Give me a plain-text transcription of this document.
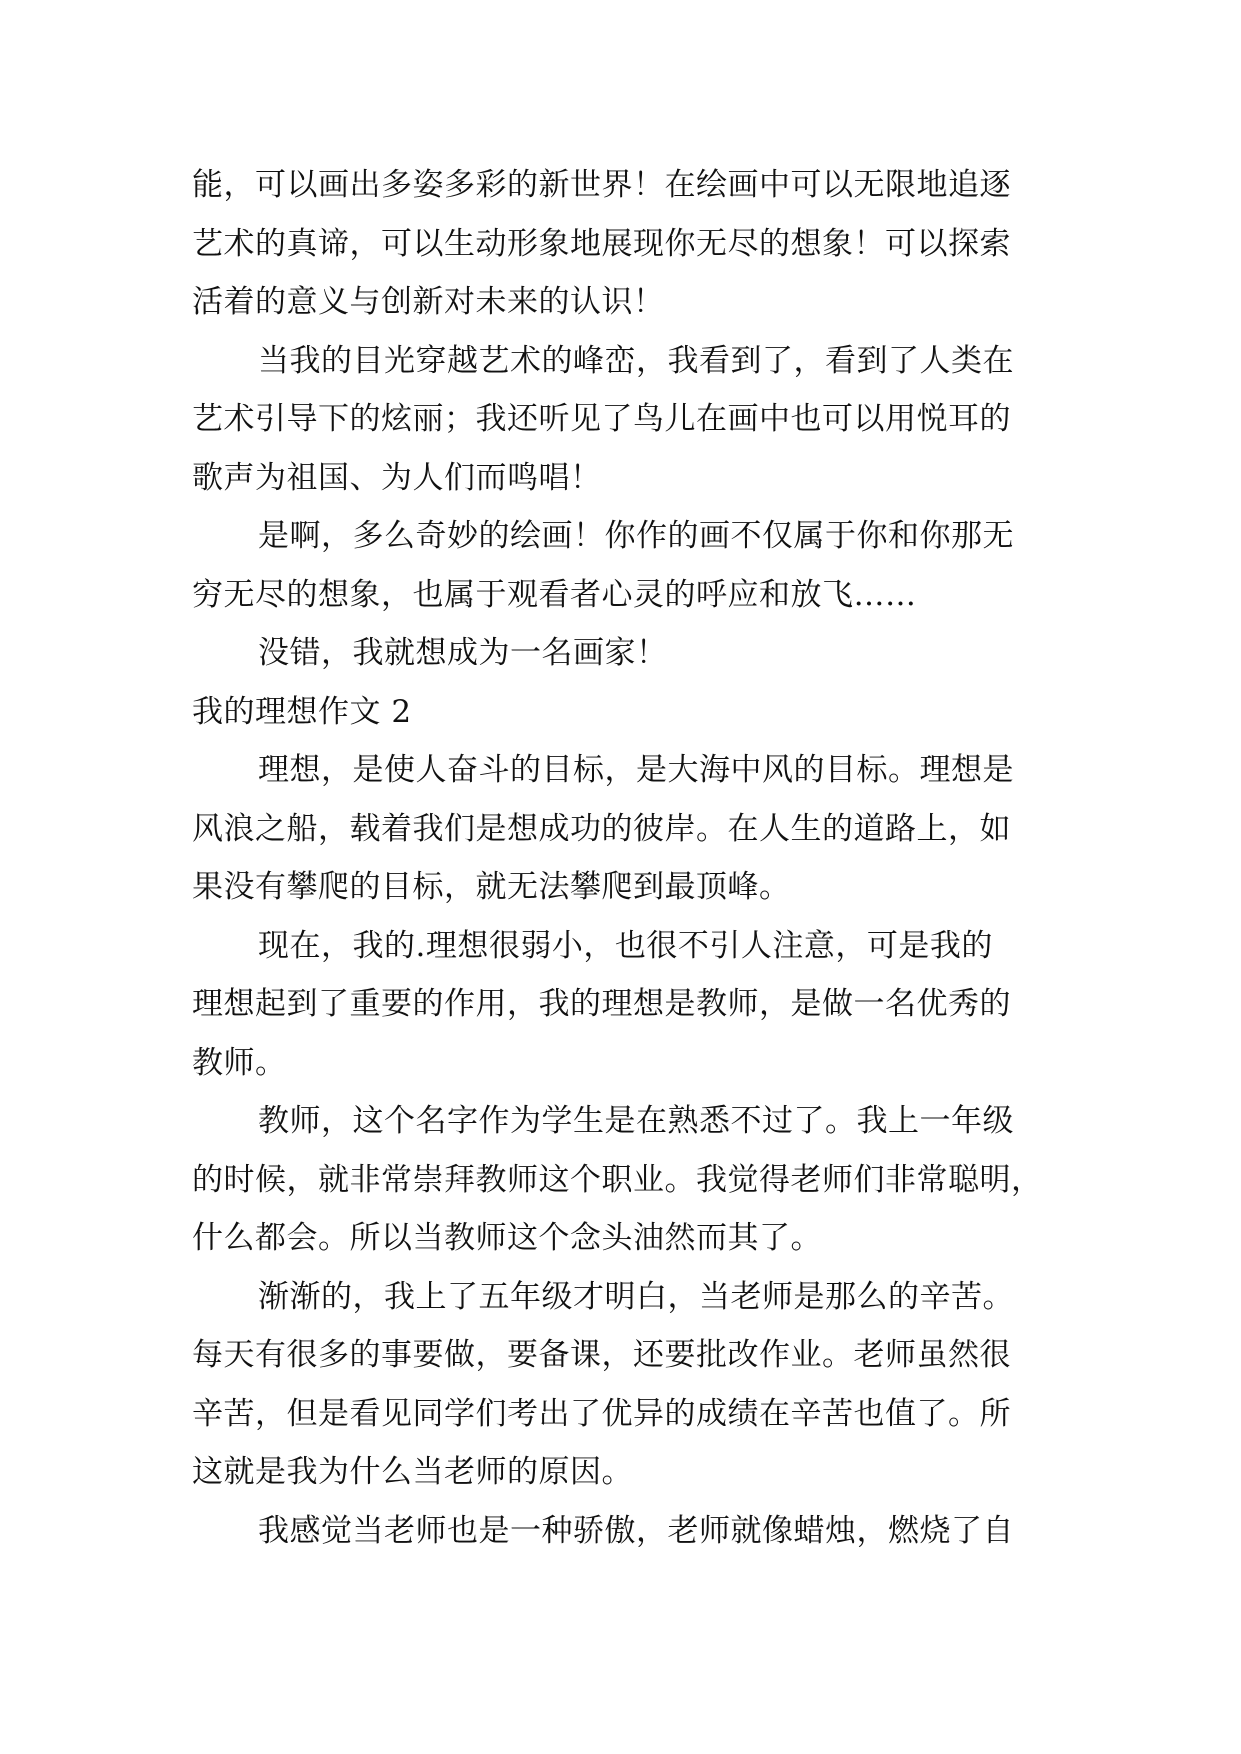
能，可以画出多姿多彩的新世界！在绘画中可以无限地追逐
艺术的真谛，可以生动形象地展现你无尽的想象！可以探索
活着的意义与创新对未来的认识！
当我的目光穿越艺术的峰峦，我看到了，看到了人类在
艺术引导下的炫丽；我还听见了鸟儿在画中也可以用悦耳的
歌声为祖国、为人们而鸣唱！
是啊，多么奇妙的绘画！你作的画不仅属于你和你那无
穷无尽的想象，也属于观看者心灵的呼应和放飞……
没错，我就想成为一名画家！
我的理想作文 2
理想，是使人奋斗的目标，是大海中风的目标。理想是
风浪之船，载着我们是想成功的彼岸。在人生的道路上，如
果没有攀爬的目标，就无法攀爬到最顶峰。
现在，我的.理想很弱小，也很不引人注意，可是我的
理想起到了重要的作用，我的理想是教师，是做一名优秀的
教师。
教师，这个名字作为学生是在熟悉不过了。我上一年级
的时候，就非常崇拜教师这个职业。我觉得老师们非常聪明，
什么都会。所以当教师这个念头油然而其了。
渐渐的，我上了五年级才明白，当老师是那么的辛苦。
每天有很多的事要做，要备课，还要批改作业。老师虽然很
辛苦，但是看见同学们考出了优异的成绩在辛苦也值了。所
这就是我为什么当老师的原因。
我感觉当老师也是一种骄傲，老师就像蜡烛，燃烧了自
